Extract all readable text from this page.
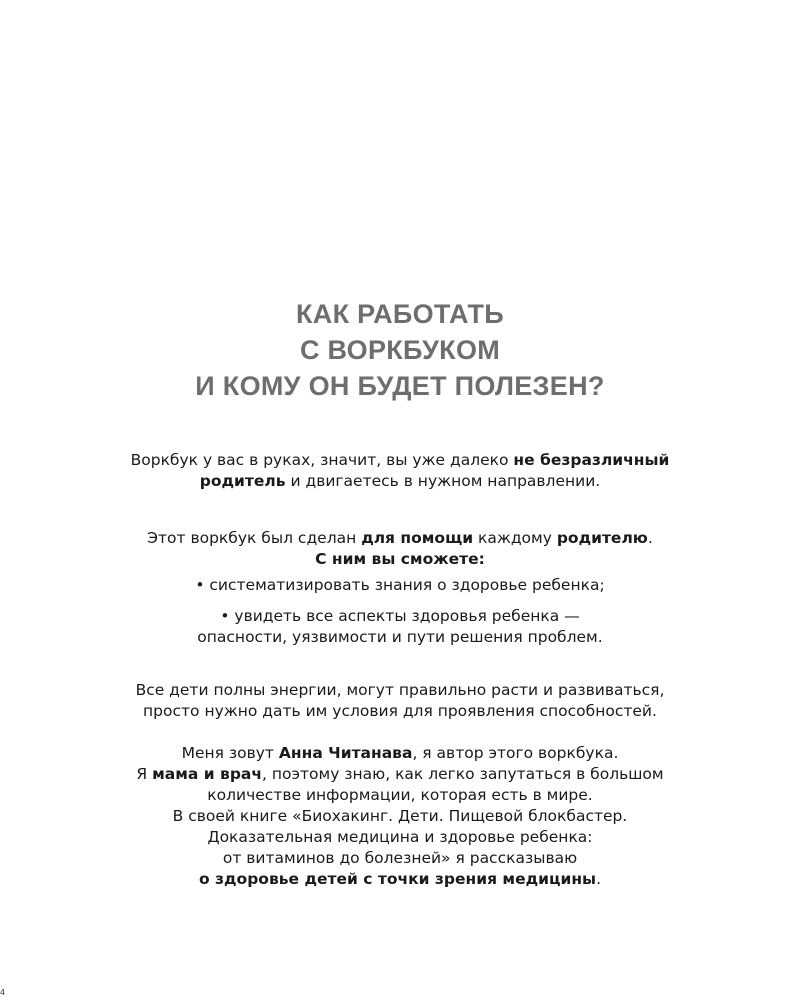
КАК РАБОТАТЬ
С ВОРКБУКОМ
И КОМУ ОН БУДЕТ ПОЛЕЗЕН?
Воркбук у вас в руках, значит, вы уже далеко не безразличный
родитель и двигаетесь в нужном направлении.
Этот воркбук был сделан для помощи каждому родителю.
С ним вы сможете:
• систематизировать знания о здоровье ребенка;
• увидеть все аспекты здоровья ребенка —
опасности, уязвимости и пути решения проблем.
Все дети полны энергии, могут правильно расти и развиваться,
просто нужно дать им условия для проявления способностей.
Меня зовут Анна Читанава, я автор этого воркбука.
Я мама и врач, поэтому знаю, как легко запутаться в большом
количестве информации, которая есть в мире.
В своей книге «Биохакинг. Дети. Пищевой блокбастер.
Доказательная медицина и здоровье ребенка:
от витаминов до болезней» я рассказываю
о здоровье детей с точки зрения медицины.
4
